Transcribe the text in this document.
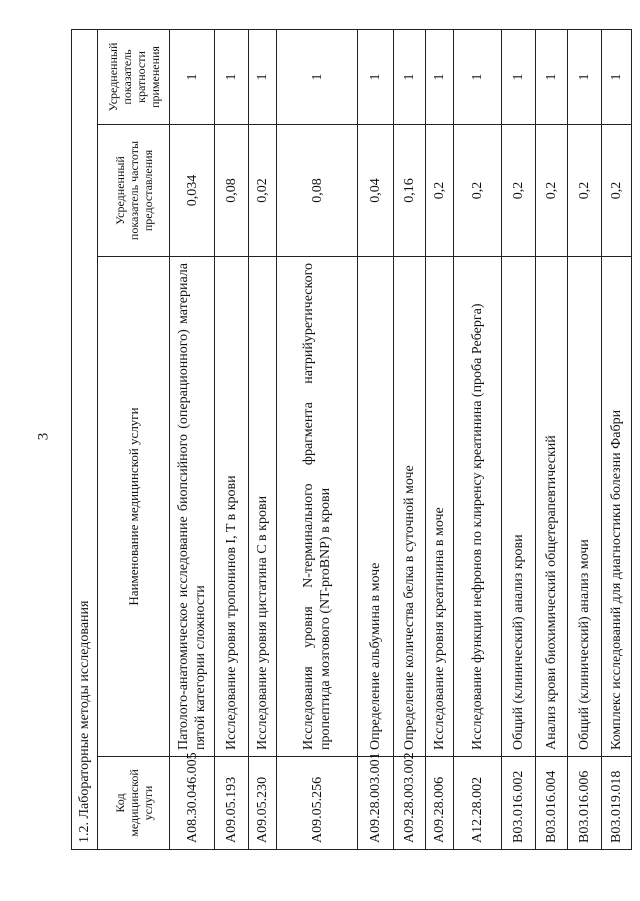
3
1.2. Лабораторные методы исследования			
Код медицинской услуги	Наименование медицинской услуги	Усредненный показатель частоты предоставления	Усредненный показатель кратности применения
A08.30.046.005	Патолого-анатомическое исследование биопсийного (операционного) материала пятой категории сложности	0,034	1
A09.05.193	Исследование уровня тропонинов I, T в крови	0,08	1
A09.05.230	Исследование уровня цистатина C в крови	0,02	1
A09.05.256	Исследования уровня N-терминального фрагмента натрийуретического пропептида мозгового (NT-proBNP) в крови	0,08	1
A09.28.003.001	Определение альбумина в моче	0,04	1
A09.28.003.002	Определение количества белка в суточной моче	0,16	1
A09.28.006	Исследование уровня креатинина в моче	0,2	1
A12.28.002	Исследование функции нефронов по клиренсу креатинина (проба Реберга)	0,2	1
B03.016.002	Общий (клинический) анализ крови	0,2	1
B03.016.004	Анализ крови биохимический общетерапевтический	0,2	1
B03.016.006	Общий (клинический) анализ мочи	0,2	1
B03.019.018	Комплекс исследований для диагностики болезни Фабри	0,2	1
